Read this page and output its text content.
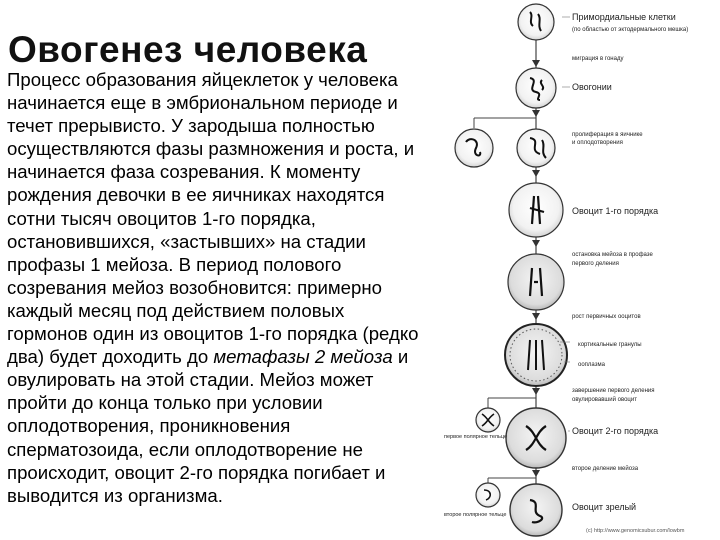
Овогенез человека

Процесс образования яйцеклеток у человека начинается еще в эмбриональном периоде и течет прерывисто. У зародыша полностью осуществляются фазы размножения и роста, и начинается фаза созревания. К моменту рождения девочки в ее яичниках находятся сотни тысяч овоцитов 1-го порядка, остановившихся, «застывших» на стадии профазы 1 мейоза. В период полового созревания мейоз возобновится: примерно каждый месяц под действием половых гормонов один из овоцитов 1-го порядка (редко два) будет доходить до метафазы 2 мейоза и овулировать на этой стадии. Мейоз может пройти до конца только при условии оплодотворения, проникновения сперматозоида, если оплодотворение не происходит, овоцит 2-го порядка погибает и выводится из организма.

Примордиальные клетки
(по областью от эктодермального мешка)
миграция в гонаду
Овогонии
пролиферация в яичнике
и оплодотворения
Овоцит 1-го порядка
остановка мейоза в профазе
первого деления
рост первичных ооцитов
кортикальные гранулы
ооплазма
завершение первого деления
овулировавший овоцит
Овоцит 2-го порядка
второе деление мейоза
Овоцит зрелый
первое полярное тельце
второе полярное тельце
(с) http://www.genomicsubur.com/lowbm
